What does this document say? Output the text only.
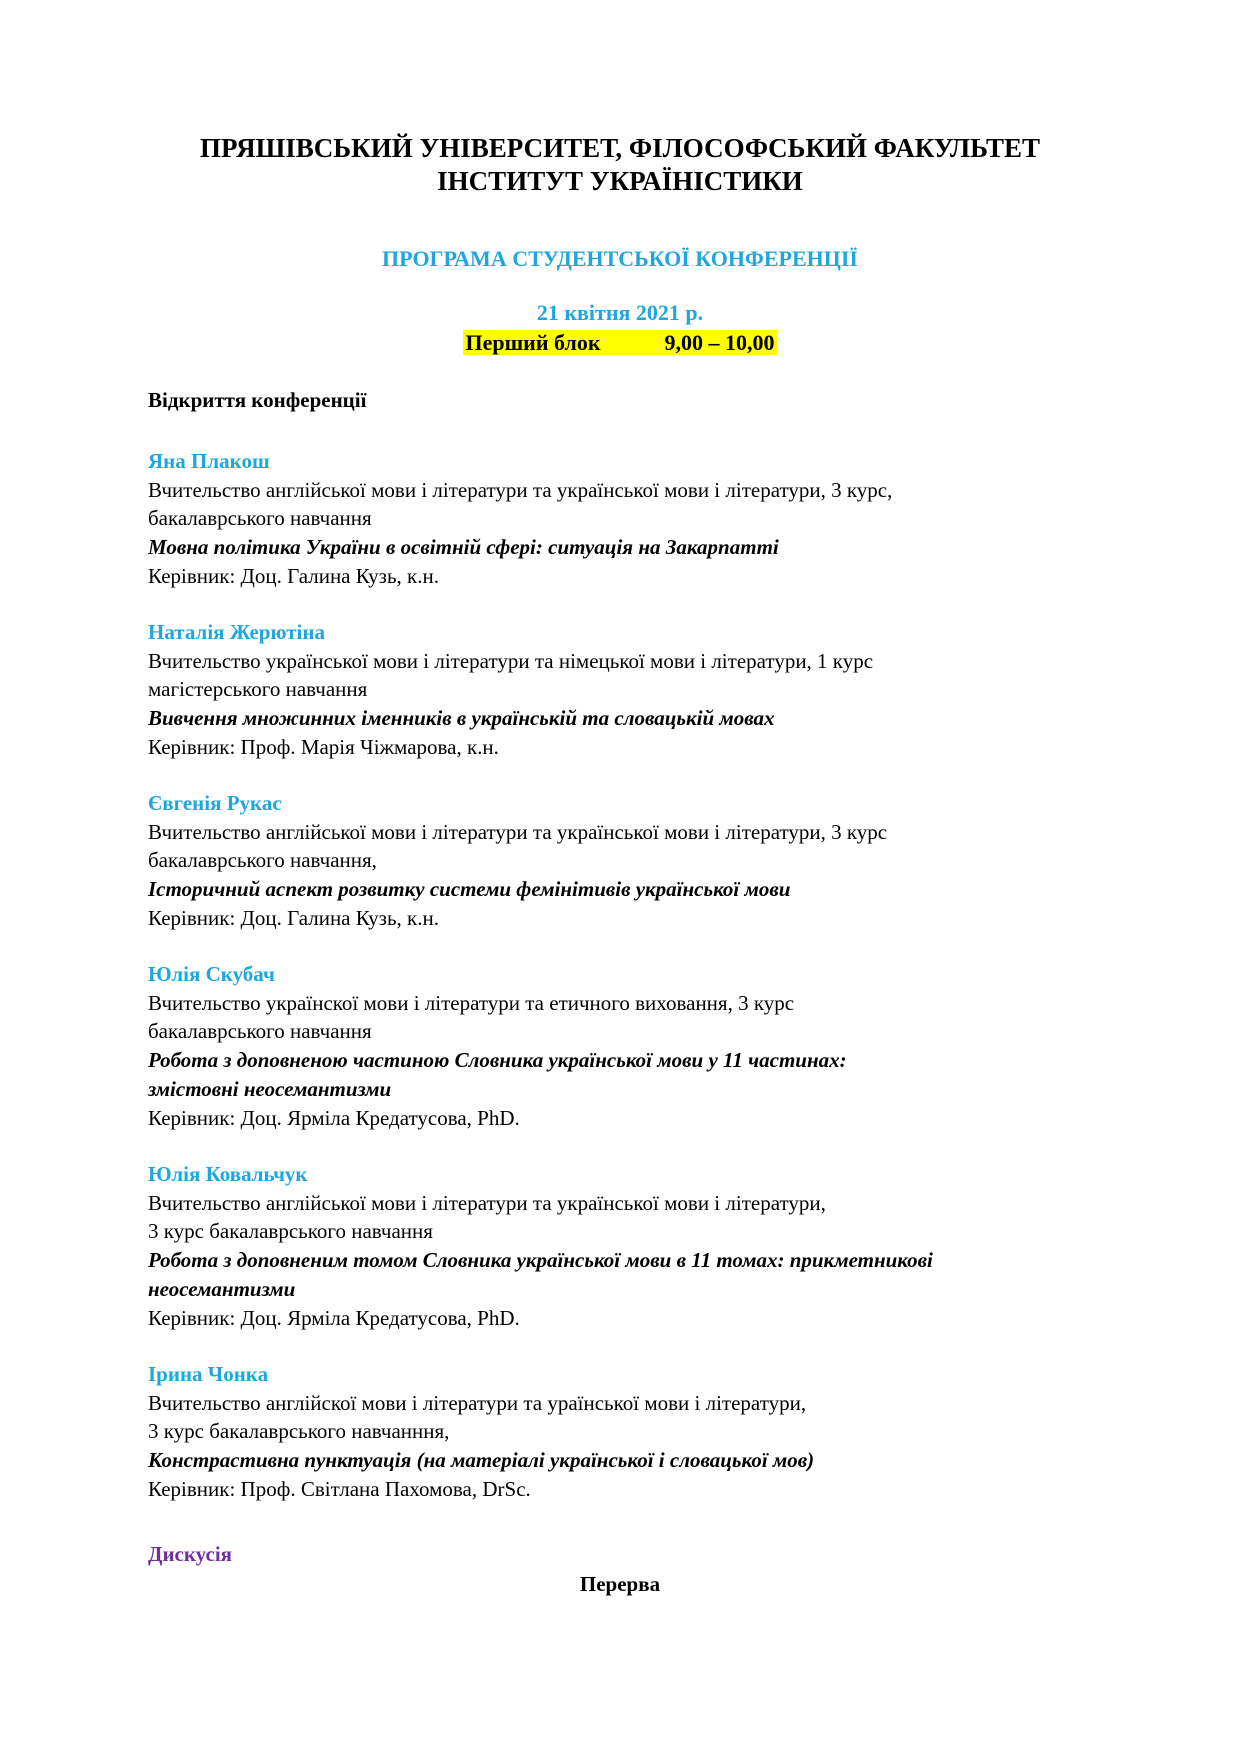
ПРЯШІВСЬКИЙ УНІВЕРСИТЕТ, ФІЛОСОФСЬКИЙ ФАКУЛЬТЕТ
ІНСТИТУТ УКРАЇНІСТИКИ
ПРОГРАМА СТУДЕНТСЬКОЇ КОНФЕРЕНЦІЇ
21 квітня 2021 р.
Перший блок	9,00 – 10,00
Відкриття конференції
Яна Плакош
Вчительство англійської мови і літератури та української мови і літератури, 3 курс,
бакалаврського навчання
Мовна політика України в освітній сфері: ситуація на Закарпатті
Керівник: Доц. Галина Кузь, к.н.
Наталія Жерютіна
Вчительство української мови і літератури та німецької мови і літератури, 1 курс
магістерського навчання
Вивчення множинних іменників в українській та словацькій мовах
Керівник: Проф. Марія Чіжмарова, к.н.
Євгенія Рукас
Вчительство англійської мови і літератури та української мови і літератури, 3 курс
бакалаврського навчання,
Історичний аспект розвитку системи фемінітивів української мови
Керівник: Доц. Галина Кузь, к.н.
Юлія Скубач
Вчительство українскої мови і літератури та етичного виховання, 3 курс
бакалаврського навчання
Робота з доповненою частиною Словника української мови у 11 частинах:
змістовні неосемантизми
Керівник: Доц. Ярміла Кредатусова, PhD.
Юлія Ковальчук
Вчительство англійської мови і літератури та української мови і літератури,
3 курс бакалаврського навчання
Робота з доповненим томом Словника української мови в 11 томах: прикметникові
неосемантизми
Керівник: Доц. Ярміла Кредатусова, PhD.
Ірина Чонка
Вчительство англійскої мови і літератури та ураїнської мови і літератури,
3 курс бакалаврського навчанння,
Констрастивна пунктуація (на матеріалі української і словацької мов)
Керівник: Проф. Світлана Пахомова, DrSc.
Дискусія
Перерва
